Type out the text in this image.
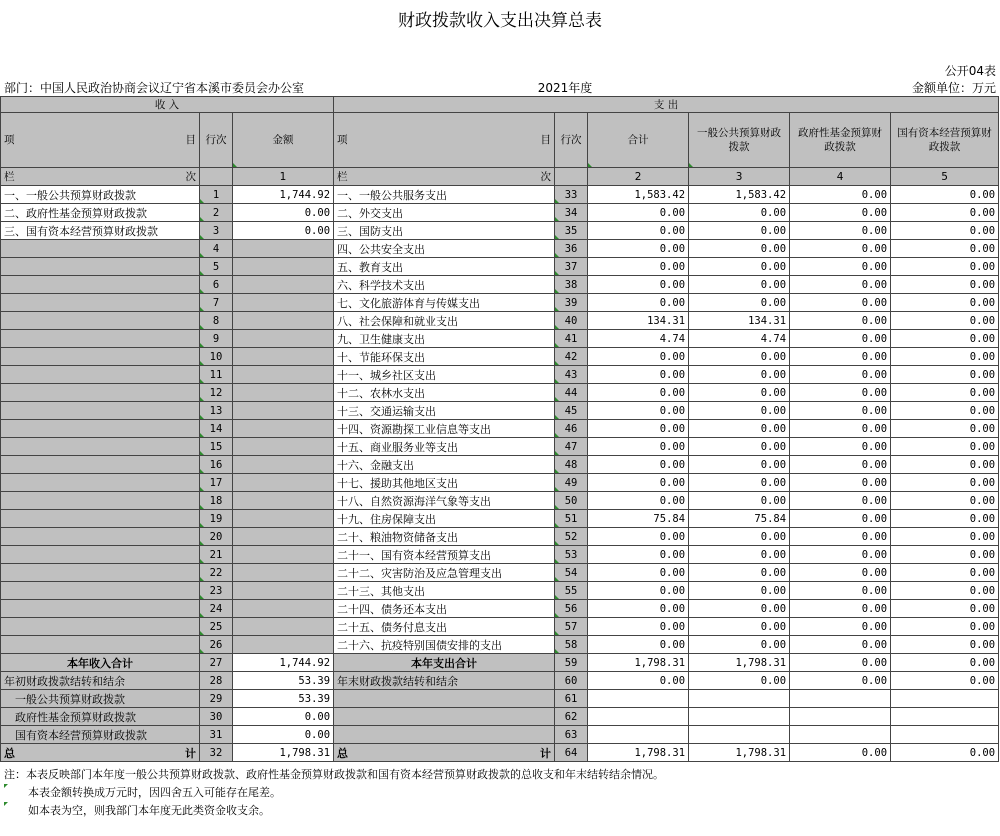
财政拨款收入支出决算总表
公开04表
部门：中国人民政治协商会议辽宁省本溪市委员会办公室	2021年度	金额单位：万元
收 入			支 出					

项 目	行次	金额	项 目	行次	合计	一般公共预算财政拨款	政府性基金预算财政拨款	国有资本经营预算财政拨款

栏 次		1	栏 次		2	3	4	5
一、一般公共预算财政拨款	1	1,744.92	一、一般公共服务支出	33	1,583.42	1,583.42	0.00	0.00
二、政府性基金预算财政拨款	2	0.00	二、外交支出	34	0.00	0.00	0.00	0.00
三、国有资本经营预算财政拨款	3	0.00	三、国防支出	35	0.00	0.00	0.00	0.00
	4		四、公共安全支出	36	0.00	0.00	0.00	0.00
	5		五、教育支出	37	0.00	0.00	0.00	0.00
	6		六、科学技术支出	38	0.00	0.00	0.00	0.00
	7		七、文化旅游体育与传媒支出	39	0.00	0.00	0.00	0.00
	8		八、社会保障和就业支出	40	134.31	134.31	0.00	0.00
	9		九、卫生健康支出	41	4.74	4.74	0.00	0.00
	10		十、节能环保支出	42	0.00	0.00	0.00	0.00
	11		十一、城乡社区支出	43	0.00	0.00	0.00	0.00
	12		十二、农林水支出	44	0.00	0.00	0.00	0.00
	13		十三、交通运输支出	45	0.00	0.00	0.00	0.00
	14		十四、资源勘探工业信息等支出	46	0.00	0.00	0.00	0.00
	15		十五、商业服务业等支出	47	0.00	0.00	0.00	0.00
	16		十六、金融支出	48	0.00	0.00	0.00	0.00
	17		十七、援助其他地区支出	49	0.00	0.00	0.00	0.00
	18		十八、自然资源海洋气象等支出	50	0.00	0.00	0.00	0.00
	19		十九、住房保障支出	51	75.84	75.84	0.00	0.00
	20		二十、粮油物资储备支出	52	0.00	0.00	0.00	0.00
	21		二十一、国有资本经营预算支出	53	0.00	0.00	0.00	0.00
	22		二十二、灾害防治及应急管理支出	54	0.00	0.00	0.00	0.00
	23		二十三、其他支出	55	0.00	0.00	0.00	0.00
	24		二十四、债务还本支出	56	0.00	0.00	0.00	0.00
	25		二十五、债务付息支出	57	0.00	0.00	0.00	0.00
	26		二十六、抗疫特别国债安排的支出	58	0.00	0.00	0.00	0.00
本年收入合计	27	1,744.92	本年支出合计	59	1,798.31	1,798.31	0.00	0.00
年初财政拨款结转和结余	28	53.39	年末财政拨款结转和结余	60	0.00	0.00	0.00	0.00
一般公共预算财政拨款	29	53.39		61				
政府性基金预算财政拨款	30	0.00		62				
国有资本经营预算财政拨款	31	0.00		63				

总 计	32	1,798.31	总 计	64	1,798.31	1,798.31	0.00	0.00
注：本表反映部门本年度一般公共预算财政拨款、政府性基金预算财政拨款和国有资本经营预算财政拨款的总收支和年末结转结余情况。
本表金额转换成万元时，因四舍五入可能存在尾差。
如本表为空，则我部门本年度无此类资金收支余。
